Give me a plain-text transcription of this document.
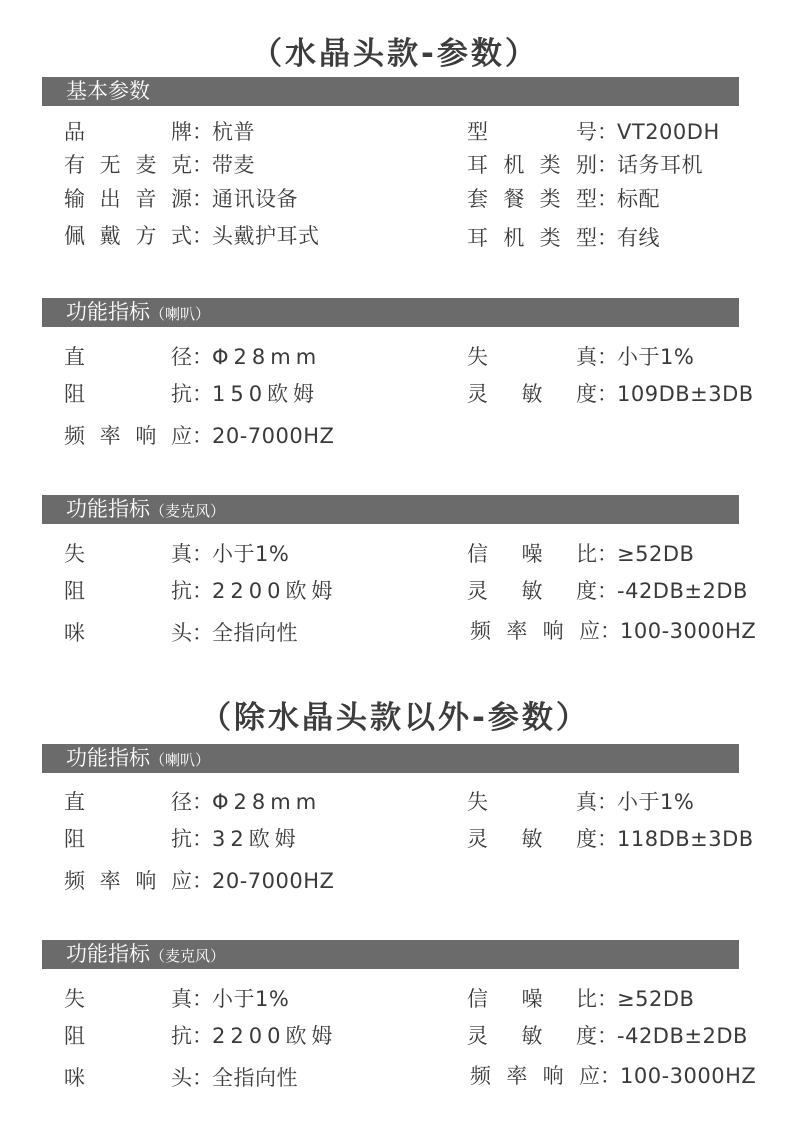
（水晶头款-参数）
基本参数
品牌：杭普	型号：VT200DH
有无麦克：带麦	耳机类别：话务耳机
输出音源：通讯设备	套餐类型：标配
佩戴方式：头戴护耳式	耳机类型：有线
功能指标（喇叭）
直径：Φ28mm	失真：小于1%
阻抗：150欧姆	灵敏度：109DB±3DB
频率响应：20-7000HZ
功能指标（麦克风）
失真：小于1%	信噪比：≥52DB
阻抗：2200欧姆	灵敏度：-42DB±2DB
咪头：全指向性	频率响应：100-3000HZ
（除水晶头款以外-参数）
功能指标（喇叭）
直径：Φ28mm	失真：小于1%
阻抗：32欧姆	灵敏度：118DB±3DB
频率响应：20-7000HZ
功能指标（麦克风）
失真：小于1%	信噪比：≥52DB
阻抗：2200欧姆	灵敏度：-42DB±2DB
咪头：全指向性	频率响应：100-3000HZ
